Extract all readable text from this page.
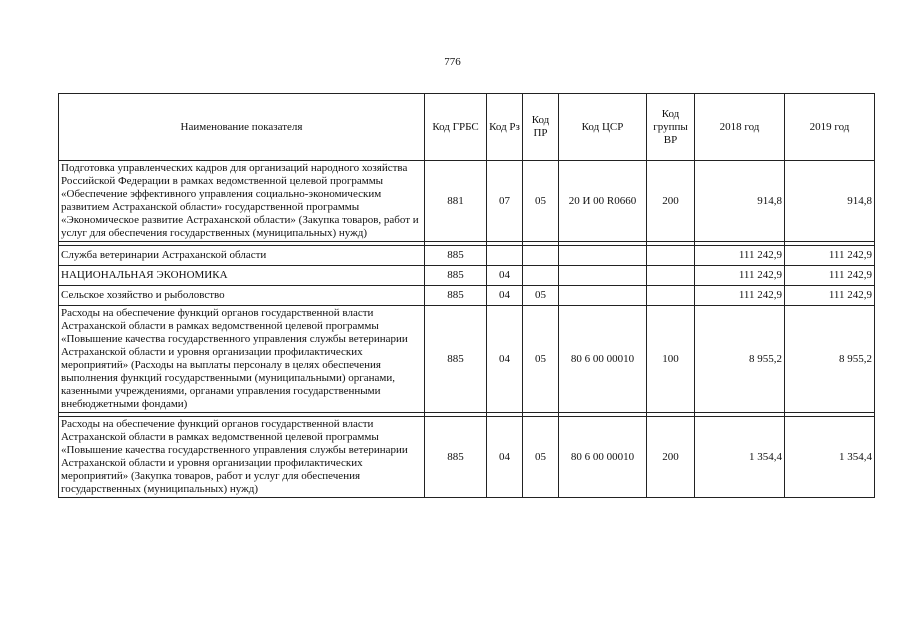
776
Наименование показателя	Код ГРБС	Код Рз	Код ПР	Код ЦСР	Код группы ВР	2018 год	2019 год
Подготовка управленческих кадров для организаций народного хозяйства Российской Федерации в рамках ведомственной целевой программы «Обеспечение эффективного управления социально-экономическим развитием Астраханской области» государственной программы «Экономическое развитие Астраханской области» (Закупка товаров, работ и услуг для обеспечения государственных (муниципальных) нужд)	881	07	05	20 И 00 R0660	200	914,8	914,8

Служба ветеринарии Астраханской области	885					111 242,9	111 242,9
НАЦИОНАЛЬНАЯ ЭКОНОМИКА	885	04				111 242,9	111 242,9
Сельское хозяйство и рыболовство	885	04	05			111 242,9	111 242,9
Расходы на обеспечение функций органов государственной власти Астраханской области в рамках ведомственной целевой программы «Повышение качества государственного управления службы ветеринарии Астраханской области и уровня организации профилактических мероприятий» (Расходы на выплаты персоналу в целях обеспечения выполнения функций государственными (муниципальными) органами, казенными учреждениями, органами управления государственными внебюджетными фондами)	885	04	05	80 6 00 00010	100	8 955,2	8 955,2

Расходы на обеспечение функций органов государственной власти Астраханской области в рамках ведомственной целевой программы «Повышение качества государственного управления службы ветеринарии Астраханской области и уровня организации профилактических мероприятий» (Закупка товаров, работ и услуг для обеспечения государственных (муниципальных) нужд)	885	04	05	80 6 00 00010	200	1 354,4	1 354,4
